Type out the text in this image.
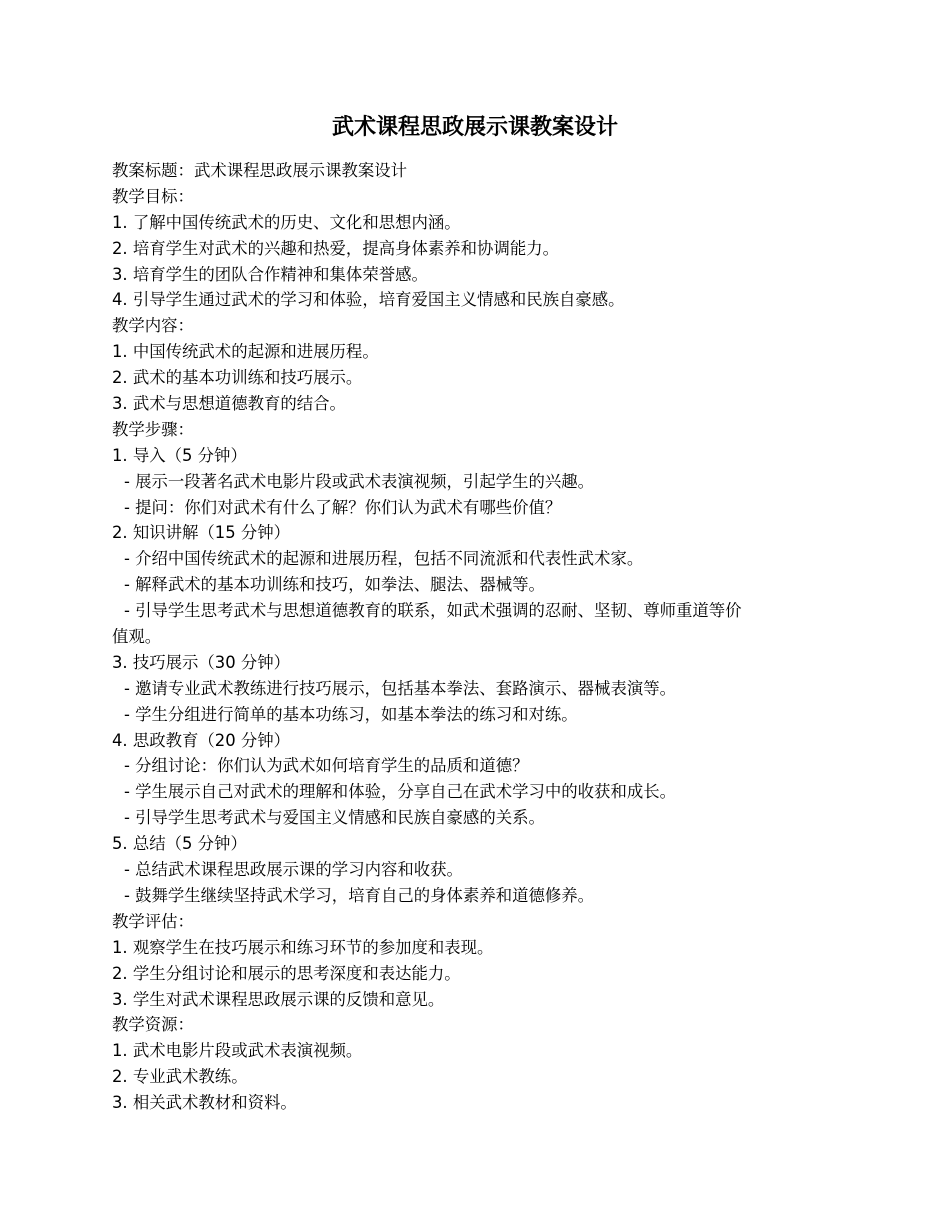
武术课程思政展示课教案设计
教案标题：武术课程思政展示课教案设计
教学目标：
1. 了解中国传统武术的历史、文化和思想内涵。
2. 培育学生对武术的兴趣和热爱，提高身体素养和协调能力。
3. 培育学生的团队合作精神和集体荣誉感。
4. 引导学生通过武术的学习和体验，培育爱国主义情感和民族自豪感。
教学内容：
1. 中国传统武术的起源和进展历程。
2. 武术的基本功训练和技巧展示。
3. 武术与思想道德教育的结合。
教学步骤：
1. 导入（5 分钟）
- 展示一段著名武术电影片段或武术表演视频，引起学生的兴趣。
- 提问：你们对武术有什么了解？你们认为武术有哪些价值？
2. 知识讲解（15 分钟）
- 介绍中国传统武术的起源和进展历程，包括不同流派和代表性武术家。
- 解释武术的基本功训练和技巧，如拳法、腿法、器械等。
- 引导学生思考武术与思想道德教育的联系，如武术强调的忍耐、坚韧、尊师重道等价
值观。
3. 技巧展示（30 分钟）
- 邀请专业武术教练进行技巧展示，包括基本拳法、套路演示、器械表演等。
- 学生分组进行简单的基本功练习，如基本拳法的练习和对练。
4. 思政教育（20 分钟）
- 分组讨论：你们认为武术如何培育学生的品质和道德？
- 学生展示自己对武术的理解和体验，分享自己在武术学习中的收获和成长。
- 引导学生思考武术与爱国主义情感和民族自豪感的关系。
5. 总结（5 分钟）
- 总结武术课程思政展示课的学习内容和收获。
- 鼓舞学生继续坚持武术学习，培育自己的身体素养和道德修养。
教学评估：
1. 观察学生在技巧展示和练习环节的参加度和表现。
2. 学生分组讨论和展示的思考深度和表达能力。
3. 学生对武术课程思政展示课的反馈和意见。
教学资源：
1. 武术电影片段或武术表演视频。
2. 专业武术教练。
3. 相关武术教材和资料。
